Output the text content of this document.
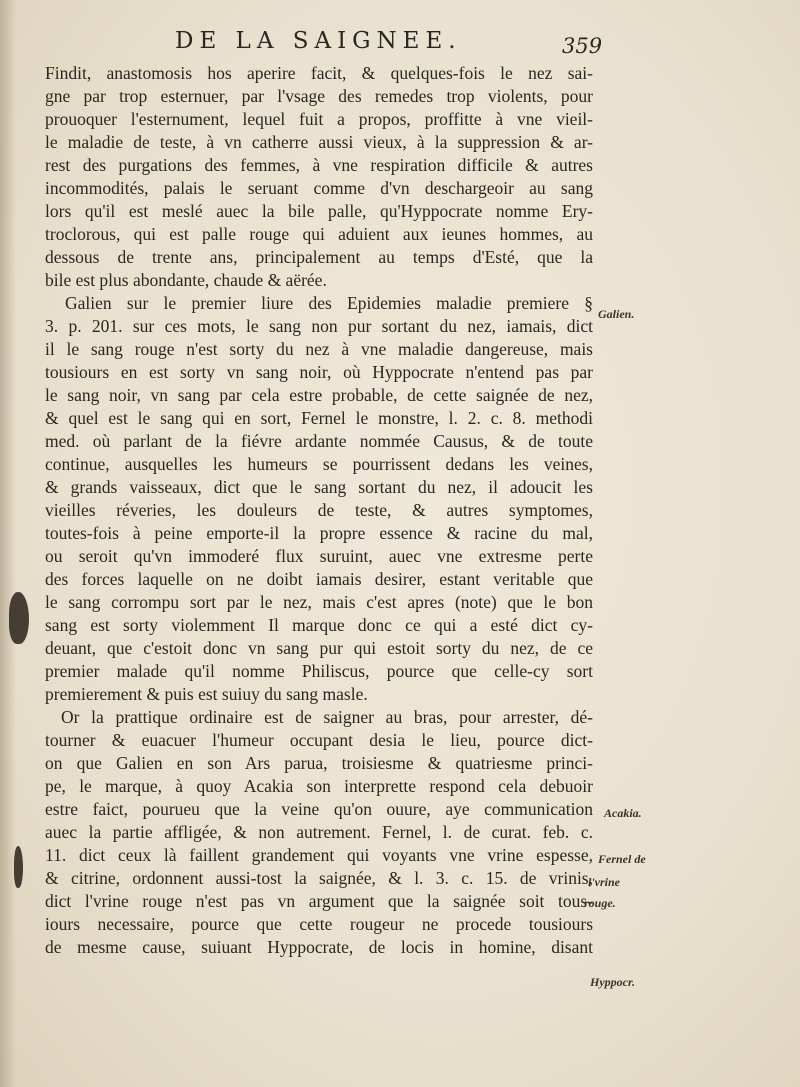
DE LA SAIGNEE.	359
Findit, anastomosis hos aperire facit, & quelques-fois le nez sai-
gne par trop esternuer, par l'vsage des remedes trop violents, pour
prouoquer l'esternument, lequel fuit a propos, proffitte à vne vieil-
le maladie de teste, à vn catherre aussi vieux, à la suppression & ar-
rest des purgations des femmes, à vne respiration difficile & autres
incommodités, palais le seruant comme d'vn deschargeoir au sang
lors qu'il est meslé auec la bile palle, qu'Hyppocrate nomme Ery-
troclorous, qui est palle rouge qui aduient aux ieunes hommes, au
dessous de trente ans, principalement au temps d'Esté, que la
bile est plus abondante, chaude & aërée.
Galien sur le premier liure des Epidemies maladie premiere §
3. p. 201. sur ces mots, le sang non pur sortant du nez, iamais, dict
il le sang rouge n'est sorty du nez à vne maladie dangereuse, mais
tousiours en est sorty vn sang noir, où Hyppocrate n'entend pas par
le sang noir, vn sang par cela estre probable, de cette saignée de nez,
& quel est le sang qui en sort, Fernel le monstre, l. 2. c. 8. methodi
med. où parlant de la fiévre ardante nommée Causus, & de toute
continue, ausquelles les humeurs se pourrissent dedans les veines,
& grands vaisseaux, dict que le sang sortant du nez, il adoucit les
vieilles réveries, les douleurs de teste, & autres symptomes,
toutes-fois à peine emporte-il la propre essence & racine du mal,
ou seroit qu'vn immoderé flux suruint, auec vne extresme perte
des forces laquelle on ne doibt iamais desirer, estant veritable que
le sang corrompu sort par le nez, mais c'est apres (note) que le bon
sang est sorty violemment Il marque donc ce qui a esté dict cy-
deuant, que c'estoit donc vn sang pur qui estoit sorty du nez, de ce
premier malade qu'il nomme Philiscus, pource que celle-cy sort
premierement & puis est suiuy du sang masle.
Or la prattique ordinaire est de saigner au bras, pour arrester, dé-
tourner & euacuer l'humeur occupant desia le lieu, pource dict-
on que Galien en son Ars parua, troisiesme & quatriesme princi-
pe, le marque, à quoy Acakia son interprette respond cela debuoir
estre faict, pourueu que la veine qu'on ouure, aye communication
auec la partie affligée, & non autrement. Fernel, l. de curat. feb. c.
11. dict ceux là faillent grandement qui voyants vne vrine espesse,
& citrine, ordonnent aussi-tost la saignée, & l. 3. c. 15. de vrinis,
dict l'vrine rouge n'est pas vn argument que la saignée soit tous-
iours necessaire, pource que cette rougeur ne procede tousiours
de mesme cause, suiuant Hyppocrate, de locis in homine, disant
Galien.
Acakia.
Fernel de
l'vrine
rouge.
Hyppocr.
